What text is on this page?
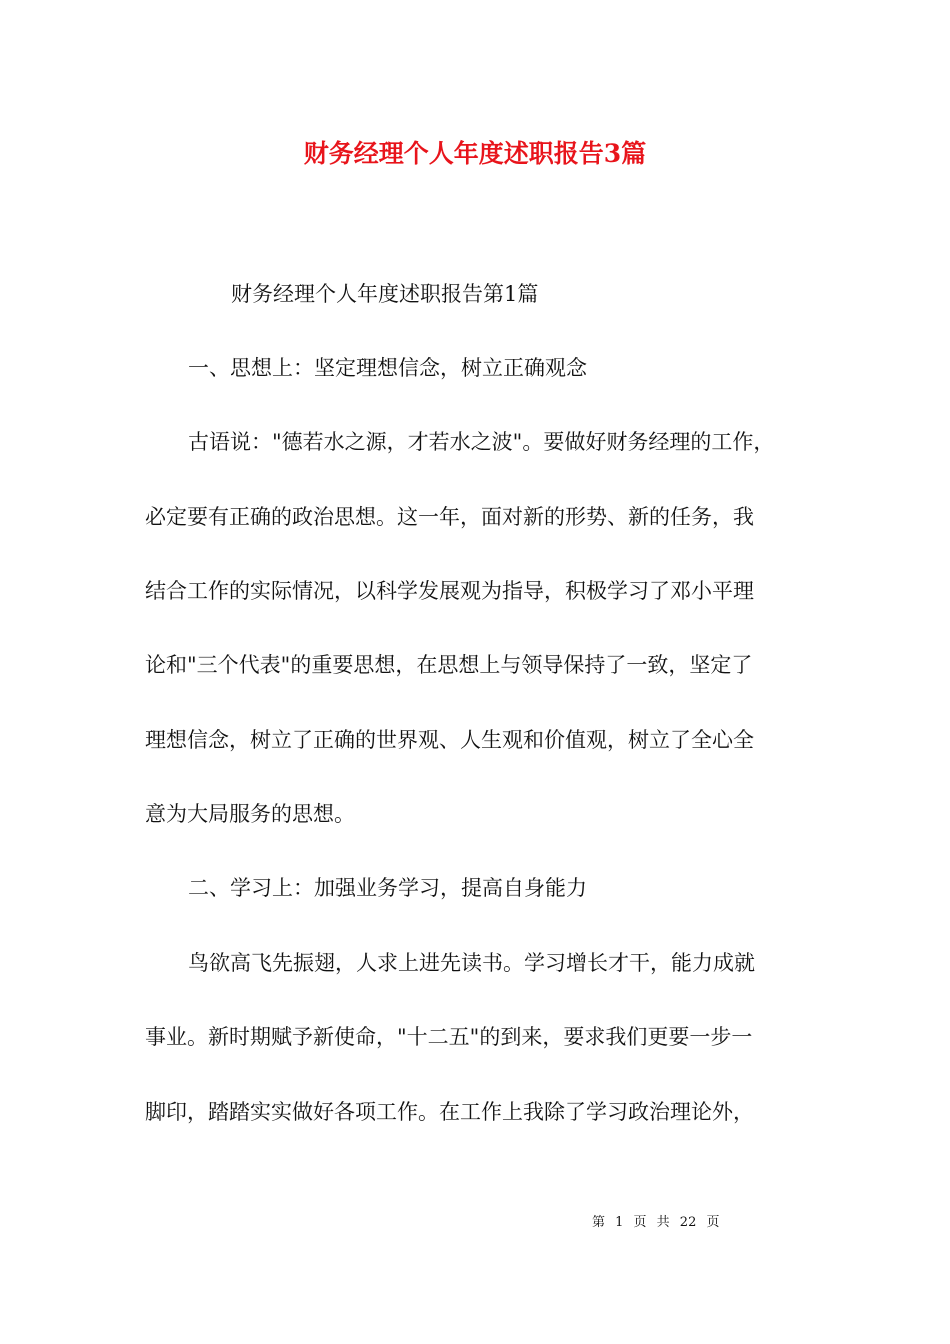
财务经理个人年度述职报告3篇

财务经理个人年度述职报告第1篇

一、思想上：坚定理想信念，树立正确观念

古语说："德若水之源，才若水之波"。要做好财务经理的工作，

必定要有正确的政治思想。这一年，面对新的形势、新的任务，我

结合工作的实际情况，以科学发展观为指导，积极学习了邓小平理

论和"三个代表"的重要思想，在思想上与领导保持了一致，坚定了

理想信念，树立了正确的世界观、人生观和价值观，树立了全心全

意为大局服务的思想。

二、学习上：加强业务学习，提高自身能力

鸟欲高飞先振翅，人求上进先读书。学习增长才干，能力成就

事业。新时期赋予新使命，"十二五"的到来，要求我们更要一步一

脚印，踏踏实实做好各项工作。在工作上我除了学习政治理论外，

第 1 页 共 22 页
